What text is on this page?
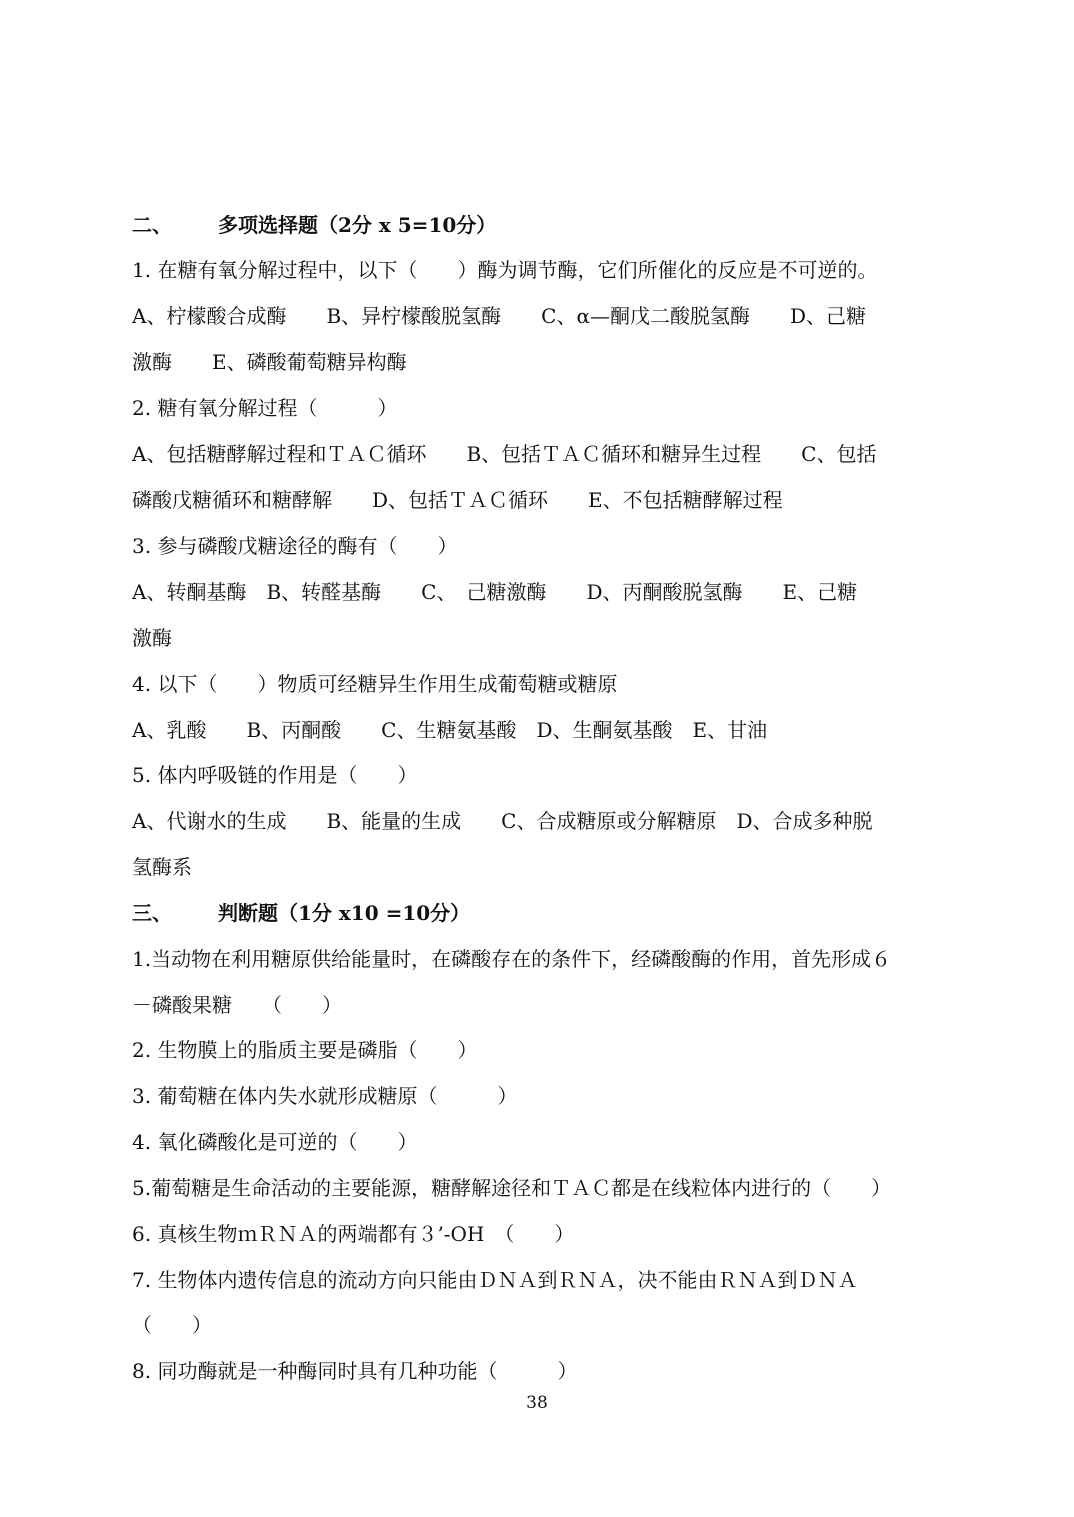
二、 多项选择题（2分 x 5=10分）
1. 在糖有氧分解过程中，以下（　　）酶为调节酶，它们所催化的反应是不可逆的。
A、柠檬酸合成酶　　B、异柠檬酸脱氢酶　　C、α—酮戊二酸脱氢酶　　D、己糖
激酶　　E、磷酸葡萄糖异构酶
2. 糖有氧分解过程（　　　）
A、包括糖酵解过程和ＴＡＣ循环　　B、包括ＴＡＣ循环和糖异生过程　　C、包括
磷酸戊糖循环和糖酵解　　D、包括ＴＡＣ循环　　E、不包括糖酵解过程
3. 参与磷酸戊糖途径的酶有（　　）
A、转酮基酶　B、转醛基酶　　C、　己糖激酶　　D、丙酮酸脱氢酶　　E、己糖
激酶
4. 以下（　　）物质可经糖异生作用生成葡萄糖或糖原
A、乳酸　　B、丙酮酸　　C、生糖氨基酸　D、生酮氨基酸　E、甘油
5. 体内呼吸链的作用是（　　）
A、代谢水的生成　　B、能量的生成　　C、合成糖原或分解糖原　D、合成多种脱
氢酶系
三、 判断题（1分 x10 =10分）
1.当动物在利用糖原供给能量时，在磷酸存在的条件下，经磷酸酶的作用，首先形成６
－磷酸果糖　　（　　）
2. 生物膜上的脂质主要是磷脂（　　）
3. 葡萄糖在体内失水就形成糖原（　　　）
4. 氧化磷酸化是可逆的（　　）
5.葡萄糖是生命活动的主要能源，糖酵解途径和ＴＡＣ都是在线粒体内进行的（　　）
6. 真核生物ｍＲＮＡ的两端都有３’-OH　（　　）
7. 生物体内遗传信息的流动方向只能由ＤＮＡ到ＲＮＡ，决不能由ＲＮＡ到ＤＮＡ
（　　）
8. 同功酶就是一种酶同时具有几种功能（　　　）
38
